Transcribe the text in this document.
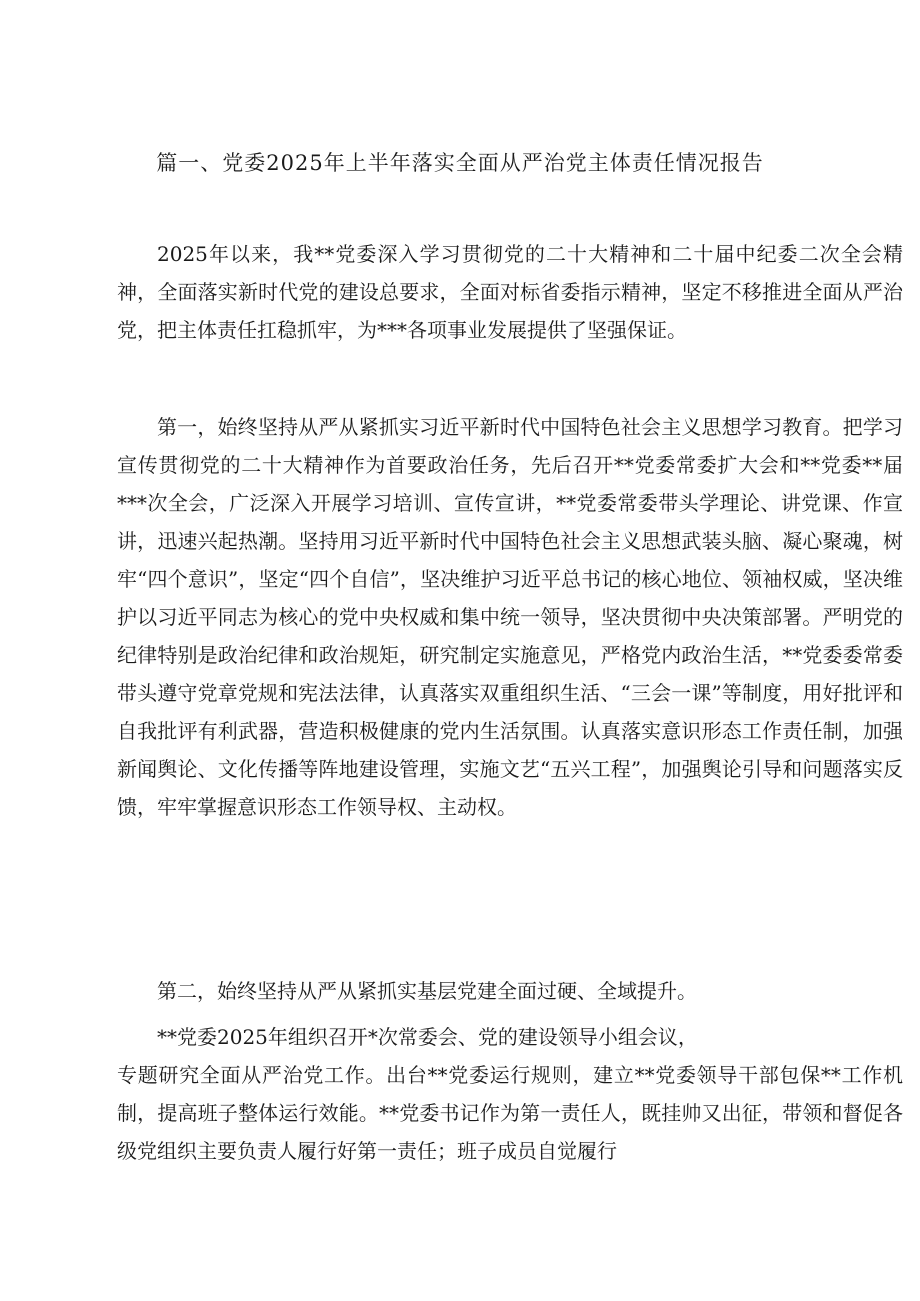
篇一、党委2025年上半年落实全面从严治党主体责任情况报告

2025年以来，我**党委深入学习贯彻党的二十大精神和二十届中纪委二次全会精神，全面落实新时代党的建设总要求，全面对标省委指示精神，坚定不移推进全面从严治党，把主体责任扛稳抓牢，为***各项事业发展提供了坚强保证。

第一，始终坚持从严从紧抓实习近平新时代中国特色社会主义思想学习教育。把学习宣传贯彻党的二十大精神作为首要政治任务，先后召开**党委常委扩大会和**党委**届***次全会，广泛深入开展学习培训、宣传宣讲，**党委常委带头学理论、讲党课、作宣讲，迅速兴起热潮。坚持用习近平新时代中国特色社会主义思想武装头脑、凝心聚魂，树牢“四个意识”，坚定“四个自信”，坚决维护习近平总书记的核心地位、领袖权威，坚决维护以习近平同志为核心的党中央权威和集中统一领导，坚决贯彻中央决策部署。严明党的纪律特别是政治纪律和政治规矩，研究制定实施意见，严格党内政治生活，**党委委常委带头遵守党章党规和宪法法律，认真落实双重组织生活、“三会一课”等制度，用好批评和自我批评有利武器，营造积极健康的党内生活氛围。认真落实意识形态工作责任制，加强新闻舆论、文化传播等阵地建设管理，实施文艺“五兴工程”，加强舆论引导和问题落实反馈，牢牢掌握意识形态工作领导权、主动权。

第二，始终坚持从严从紧抓实基层党建全面过硬、全域提升。

**党委2025年组织召开*次常委会、党的建设领导小组会议，

专题研究全面从严治党工作。出台**党委运行规则，建立**党委领导干部包保**工作机制，提高班子整体运行效能。**党委书记作为第一责任人，既挂帅又出征，带领和督促各级党组织主要负责人履行好第一责任；班子成员自觉履行
